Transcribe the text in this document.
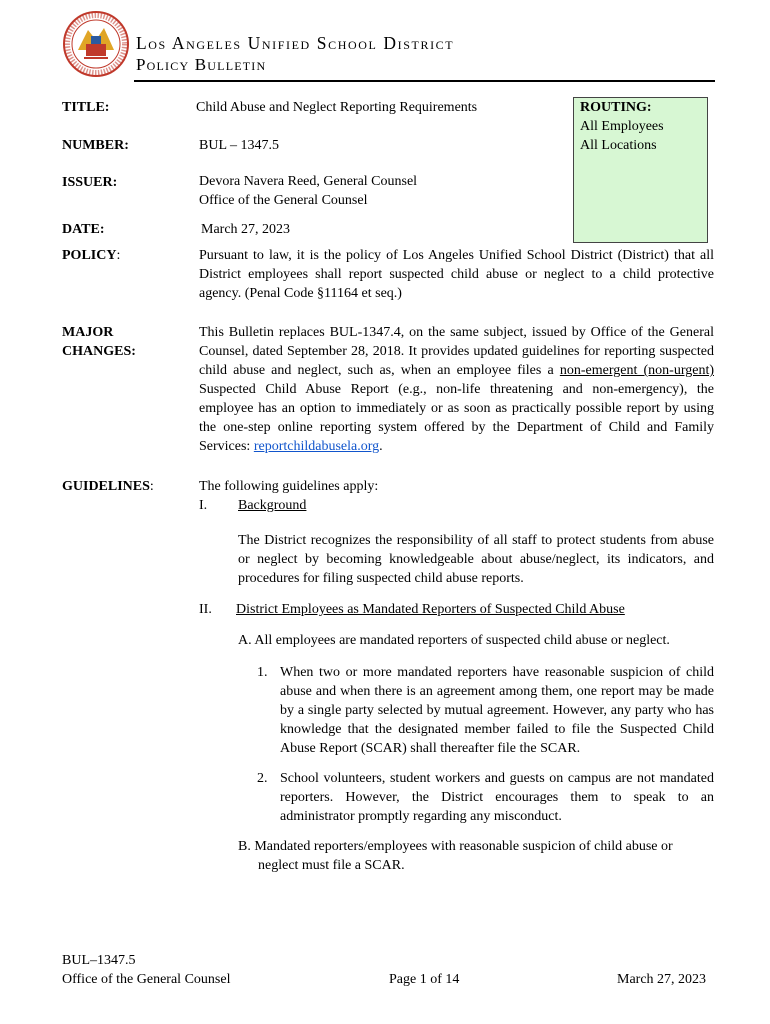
Los Angeles Unified School District
Policy Bulletin
TITLE:	Child Abuse and Neglect Reporting Requirements
NUMBER:	BUL – 1347.5
ISSUER:	Devora Navera Reed, General Counsel
Office of the General Counsel
DATE:	March 27, 2023
ROUTING:
All Employees
All Locations
POLICY:	Pursuant to law, it is the policy of Los Angeles Unified School District (District) that all District employees shall report suspected child abuse or neglect to a child protective agency. (Penal Code §11164 et seq.)
MAJOR
CHANGES:
This Bulletin replaces BUL-1347.4, on the same subject, issued by Office of the General Counsel, dated September 28, 2018. It provides updated guidelines for reporting suspected child abuse and neglect, such as, when an employee files a non-emergent (non-urgent) Suspected Child Abuse Report (e.g., non-life threatening and non-emergency), the employee has an option to immediately or as soon as practically possible report by using the one-step online reporting system offered by the Department of Child and Family Services: reportchildabusela.org.
GUIDELINES:	The following guidelines apply:
I. Background
The District recognizes the responsibility of all staff to protect students from abuse or neglect by becoming knowledgeable about abuse/neglect, its indicators, and procedures for filing suspected child abuse reports.
II. District Employees as Mandated Reporters of Suspected Child Abuse
A. All employees are mandated reporters of suspected child abuse or neglect.
1. When two or more mandated reporters have reasonable suspicion of child abuse and when there is an agreement among them, one report may be made by a single party selected by mutual agreement. However, any party who has knowledge that the designated member failed to file the Suspected Child Abuse Report (SCAR) shall thereafter file the SCAR.
2. School volunteers, student workers and guests on campus are not mandated reporters. However, the District encourages them to speak to an administrator promptly regarding any misconduct.
B. Mandated reporters/employees with reasonable suspicion of child abuse or neglect must file a SCAR.
BUL–1347.5
Office of the General Counsel	Page 1 of 14	March 27, 2023
